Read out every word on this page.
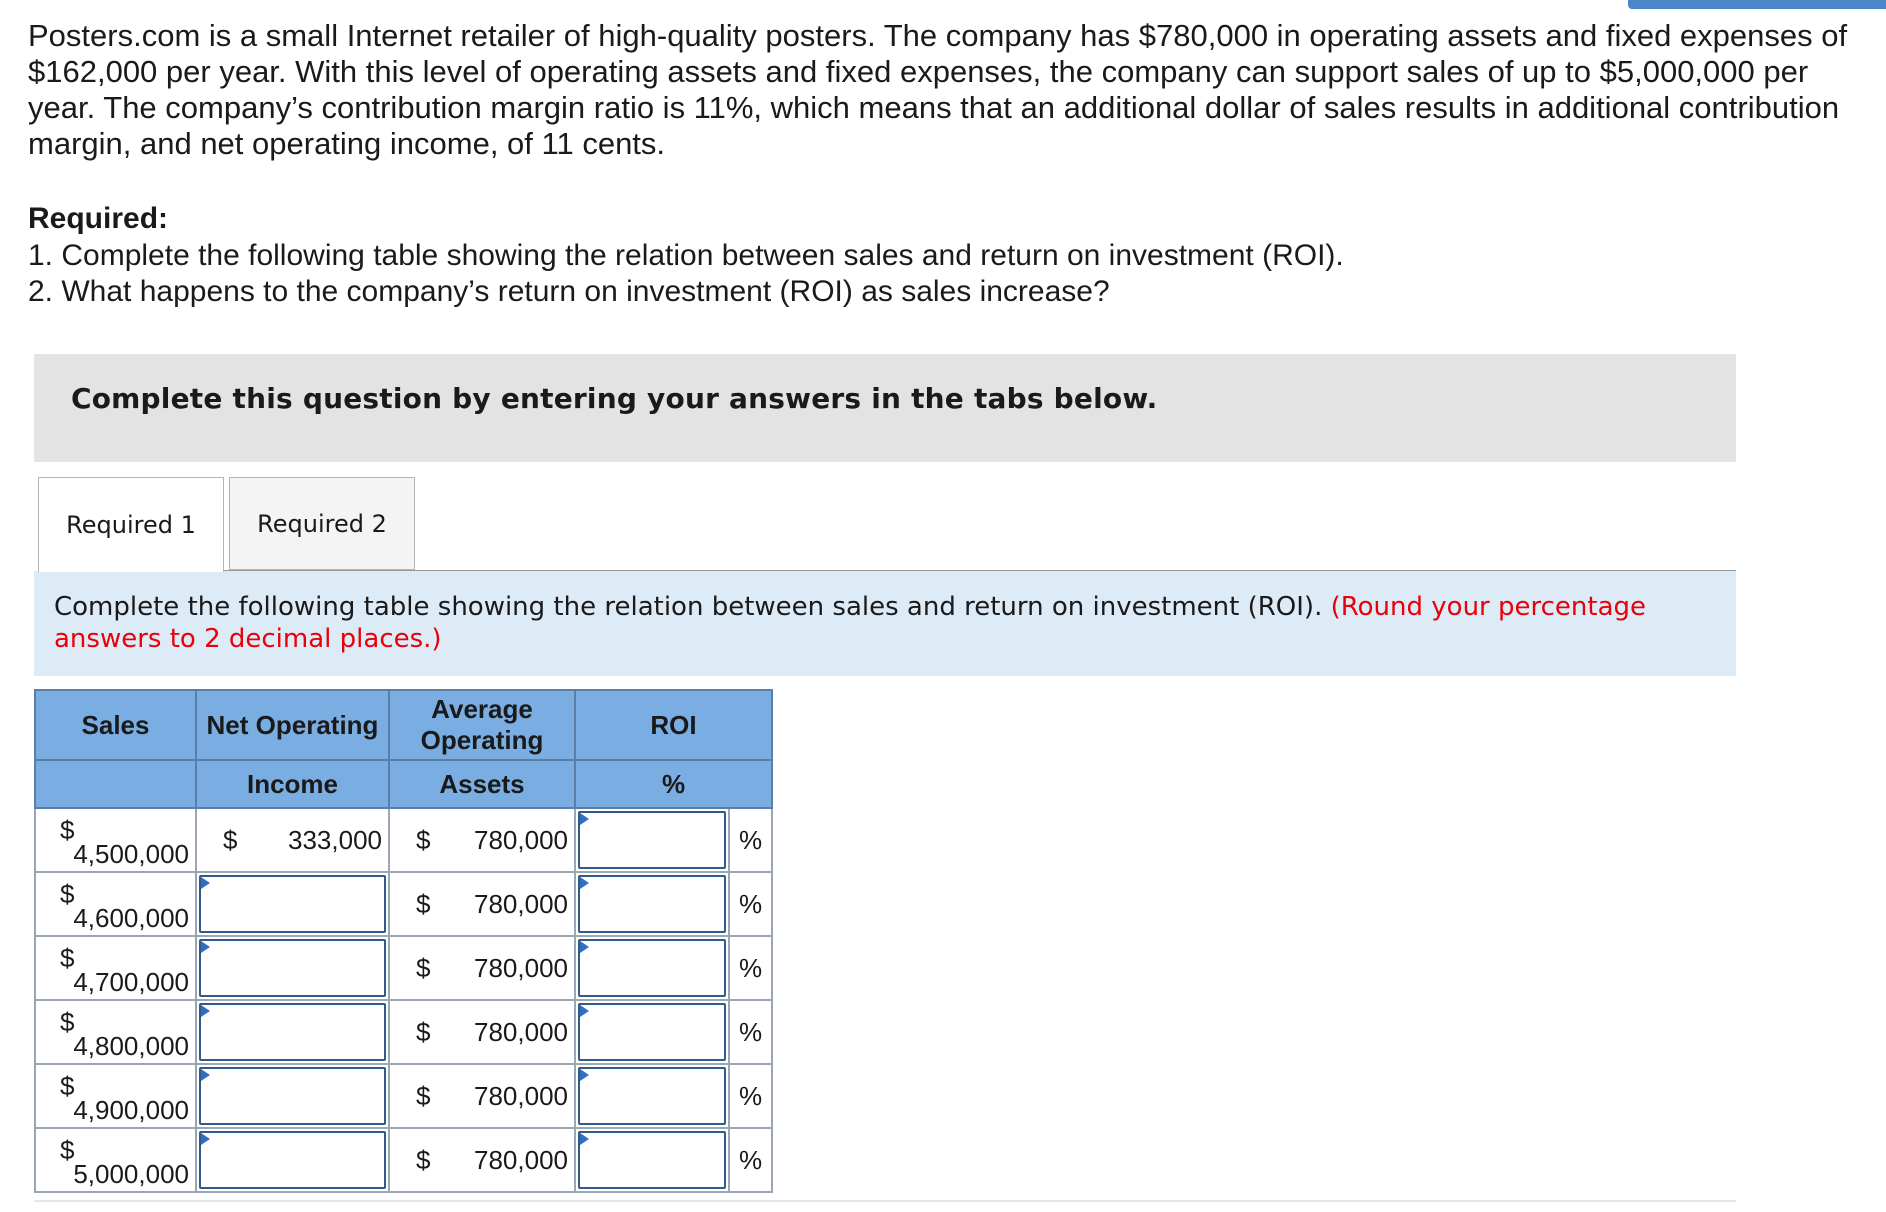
Posters.com is a small Internet retailer of high-quality posters. The company has $780,000 in operating assets and fixed expenses of $162,000 per year. With this level of operating assets and fixed expenses, the company can support sales of up to $5,000,000 per year. The company’s contribution margin ratio is 11%, which means that an additional dollar of sales results in additional contribution margin, and net operating income, of 11 cents.

Required:

1. Complete the following table showing the relation between sales and return on investment (ROI).
2. What happens to the company’s return on investment (ROI) as sales increase?
Complete this question by entering your answers in the tabs below.
Required 1	Required 2
Complete the following table showing the relation between sales and return on investment (ROI). (Round your percentage answers to 2 decimal places.)
Sales	Net Operating	Average Operating	ROI	
	Income	Assets	%	

$
4,500,000	$ 333,000	$ 780,000		%

$
4,600,000		$ 780,000		%

$
4,700,000		$ 780,000		%

$
4,800,000		$ 780,000		%

$
4,900,000		$ 780,000		%

$
5,000,000		$ 780,000		%
